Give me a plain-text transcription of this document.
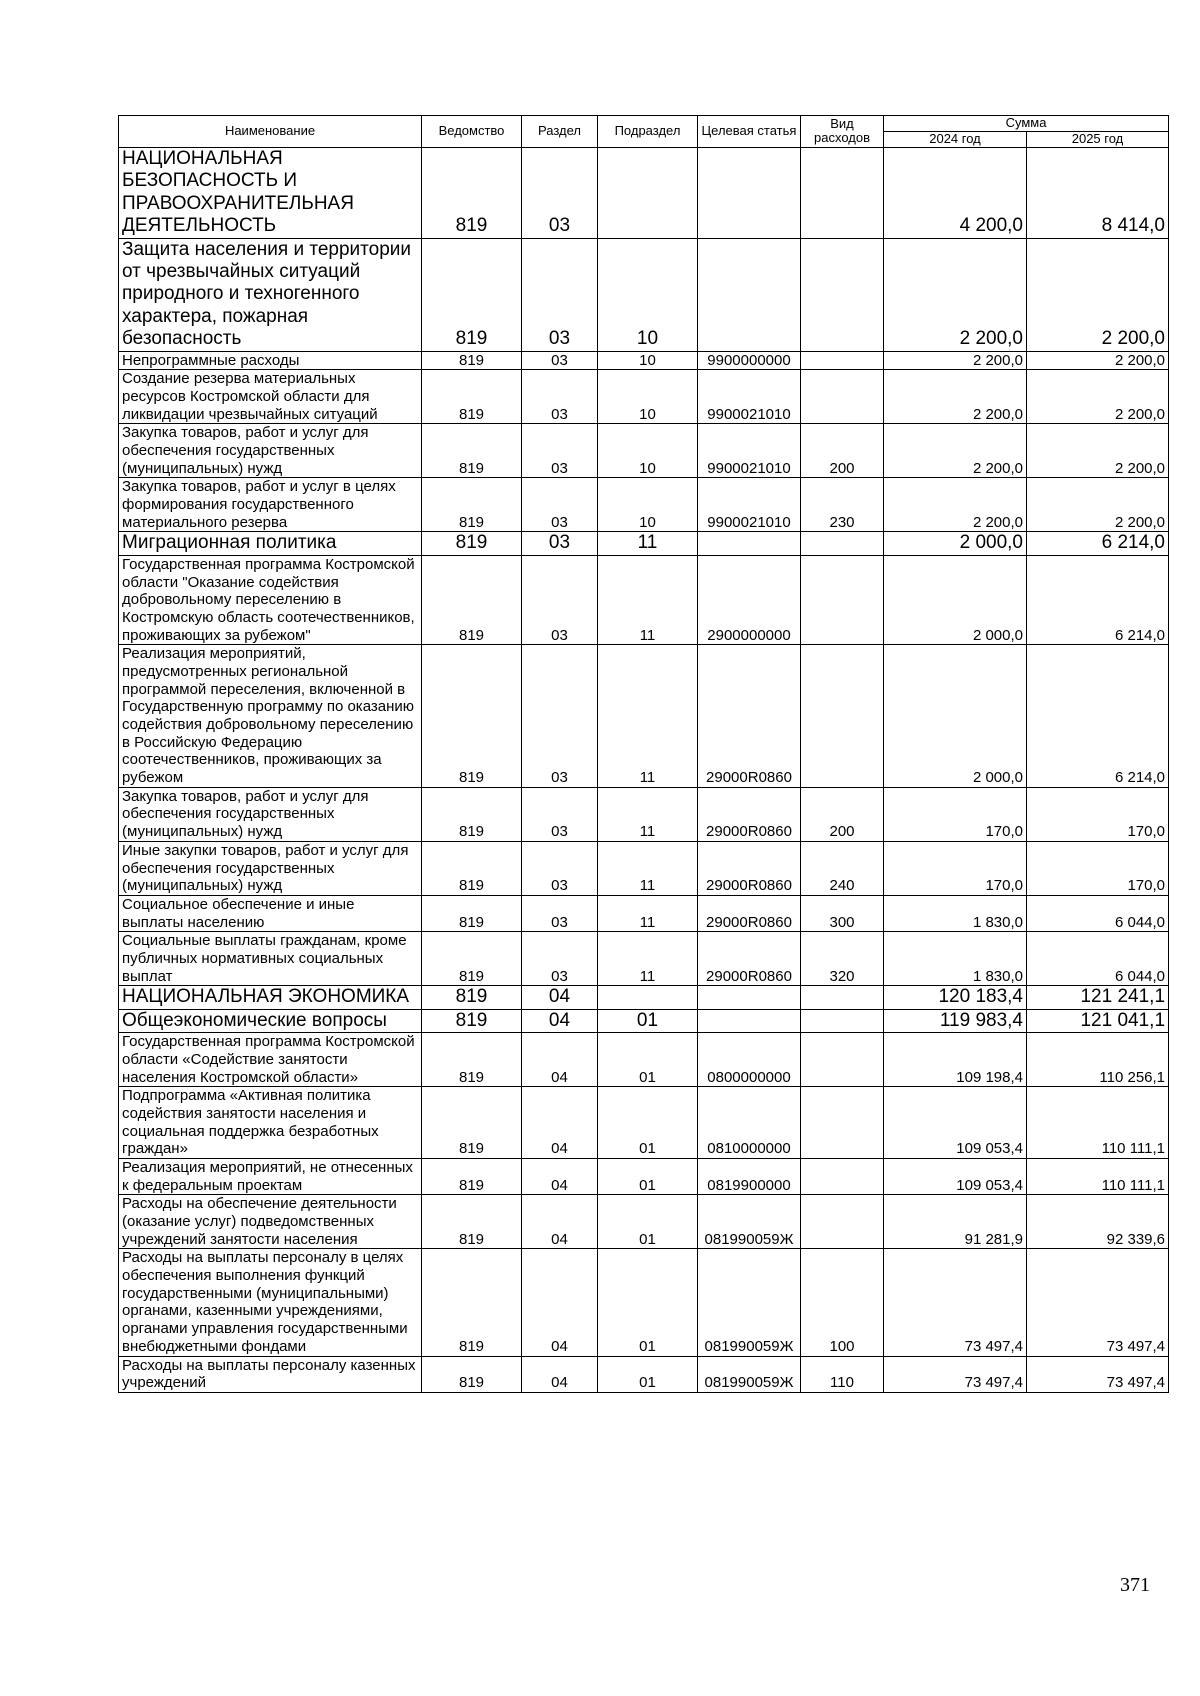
Наименование	Ведомство	Раздел	Подраздел	Целевая статья	Вид расходов	Сумма	
						2024 год	2025 год
НАЦИОНАЛЬНАЯ БЕЗОПАСНОСТЬ И ПРАВООХРАНИТЕЛЬНАЯ ДЕЯТЕЛЬНОСТЬ	819	03				4 200,0	8 414,0
Защита населения и территории от чрезвычайных ситуаций природного и техногенного характера, пожарная безопасность	819	03	10			2 200,0	2 200,0
Непрограммные расходы	819	03	10	9900000000		2 200,0	2 200,0
Создание резерва материальных ресурсов Костромской области для ликвидации чрезвычайных ситуаций	819	03	10	9900021010		2 200,0	2 200,0
Закупка товаров, работ и услуг для обеспечения государственных (муниципальных) нужд	819	03	10	9900021010	200	2 200,0	2 200,0
Закупка товаров, работ и услуг в целях формирования государственного материального резерва	819	03	10	9900021010	230	2 200,0	2 200,0
Миграционная политика	819	03	11			2 000,0	6 214,0
Государственная программа Костромской области "Оказание содействия добровольному переселению в Костромскую область соотечественников, проживающих за рубежом"	819	03	11	2900000000		2 000,0	6 214,0
Реализация мероприятий, предусмотренных региональной программой переселения, включенной в Государственную программу по оказанию содействия добровольному переселению в Российскую Федерацию соотечественников, проживающих за рубежом	819	03	11	29000R0860		2 000,0	6 214,0
Закупка товаров, работ и услуг для обеспечения государственных (муниципальных) нужд	819	03	11	29000R0860	200	170,0	170,0
Иные закупки товаров, работ и услуг для обеспечения государственных (муниципальных) нужд	819	03	11	29000R0860	240	170,0	170,0
Социальное обеспечение и иные выплаты населению	819	03	11	29000R0860	300	1 830,0	6 044,0
Социальные выплаты гражданам, кроме публичных нормативных социальных выплат	819	03	11	29000R0860	320	1 830,0	6 044,0
НАЦИОНАЛЬНАЯ ЭКОНОМИКА	819	04				120 183,4	121 241,1
Общеэкономические вопросы	819	04	01			119 983,4	121 041,1
Государственная программа Костромской области «Содействие занятости населения Костромской области»	819	04	01	0800000000		109 198,4	110 256,1
Подпрограмма «Активная политика содействия занятости населения и социальная поддержка безработных граждан»	819	04	01	0810000000		109 053,4	110 111,1
Реализация мероприятий, не отнесенных к федеральным проектам	819	04	01	0819900000		109 053,4	110 111,1
Расходы на обеспечение деятельности (оказание услуг) подведомственных учреждений занятости населения	819	04	01	081990059Ж		91 281,9	92 339,6
Расходы на выплаты персоналу в целях обеспечения выполнения функций государственными (муниципальными) органами, казенными учреждениями, органами управления государственными внебюджетными фондами	819	04	01	081990059Ж	100	73 497,4	73 497,4
Расходы на выплаты персоналу казенных учреждений	819	04	01	081990059Ж	110	73 497,4	73 497,4
371
